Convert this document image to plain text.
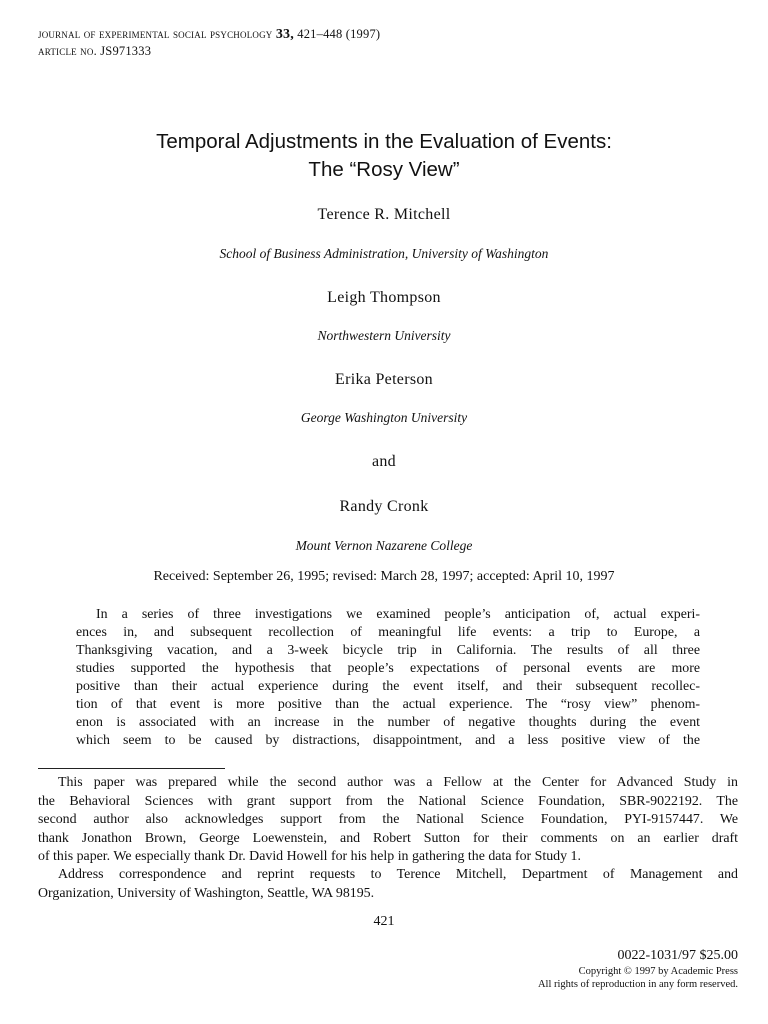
journal of experimental social psychology 33, 421–448 (1997)
article no. JS971333
Temporal Adjustments in the Evaluation of Events:
The “Rosy View”
Terence R. Mitchell
School of Business Administration, University of Washington
Leigh Thompson
Northwestern University
Erika Peterson
George Washington University
and
Randy Cronk
Mount Vernon Nazarene College
Received: September 26, 1995; revised: March 28, 1997; accepted: April 10, 1997
In a series of three investigations we examined people’s anticipation of, actual experi-
ences in, and subsequent recollection of meaningful life events: a trip to Europe, a
Thanksgiving vacation, and a 3-week bicycle trip in California. The results of all three
studies supported the hypothesis that people’s expectations of personal events are more
positive than their actual experience during the event itself, and their subsequent recollec-
tion of that event is more positive than the actual experience. The “rosy view” phenom-
enon is associated with an increase in the number of negative thoughts during the event
which seem to be caused by distractions, disappointment, and a less positive view of the
This paper was prepared while the second author was a Fellow at the Center for Advanced Study in
the Behavioral Sciences with grant support from the National Science Foundation, SBR-9022192. The
second author also acknowledges support from the National Science Foundation, PYI-9157447. We
thank Jonathon Brown, George Loewenstein, and Robert Sutton for their comments on an earlier draft
of this paper. We especially thank Dr. David Howell for his help in gathering the data for Study 1.
Address correspondence and reprint requests to Terence Mitchell, Department of Management and
Organization, University of Washington, Seattle, WA 98195.
421
0022-1031/97 $25.00
Copyright © 1997 by Academic Press
All rights of reproduction in any form reserved.
